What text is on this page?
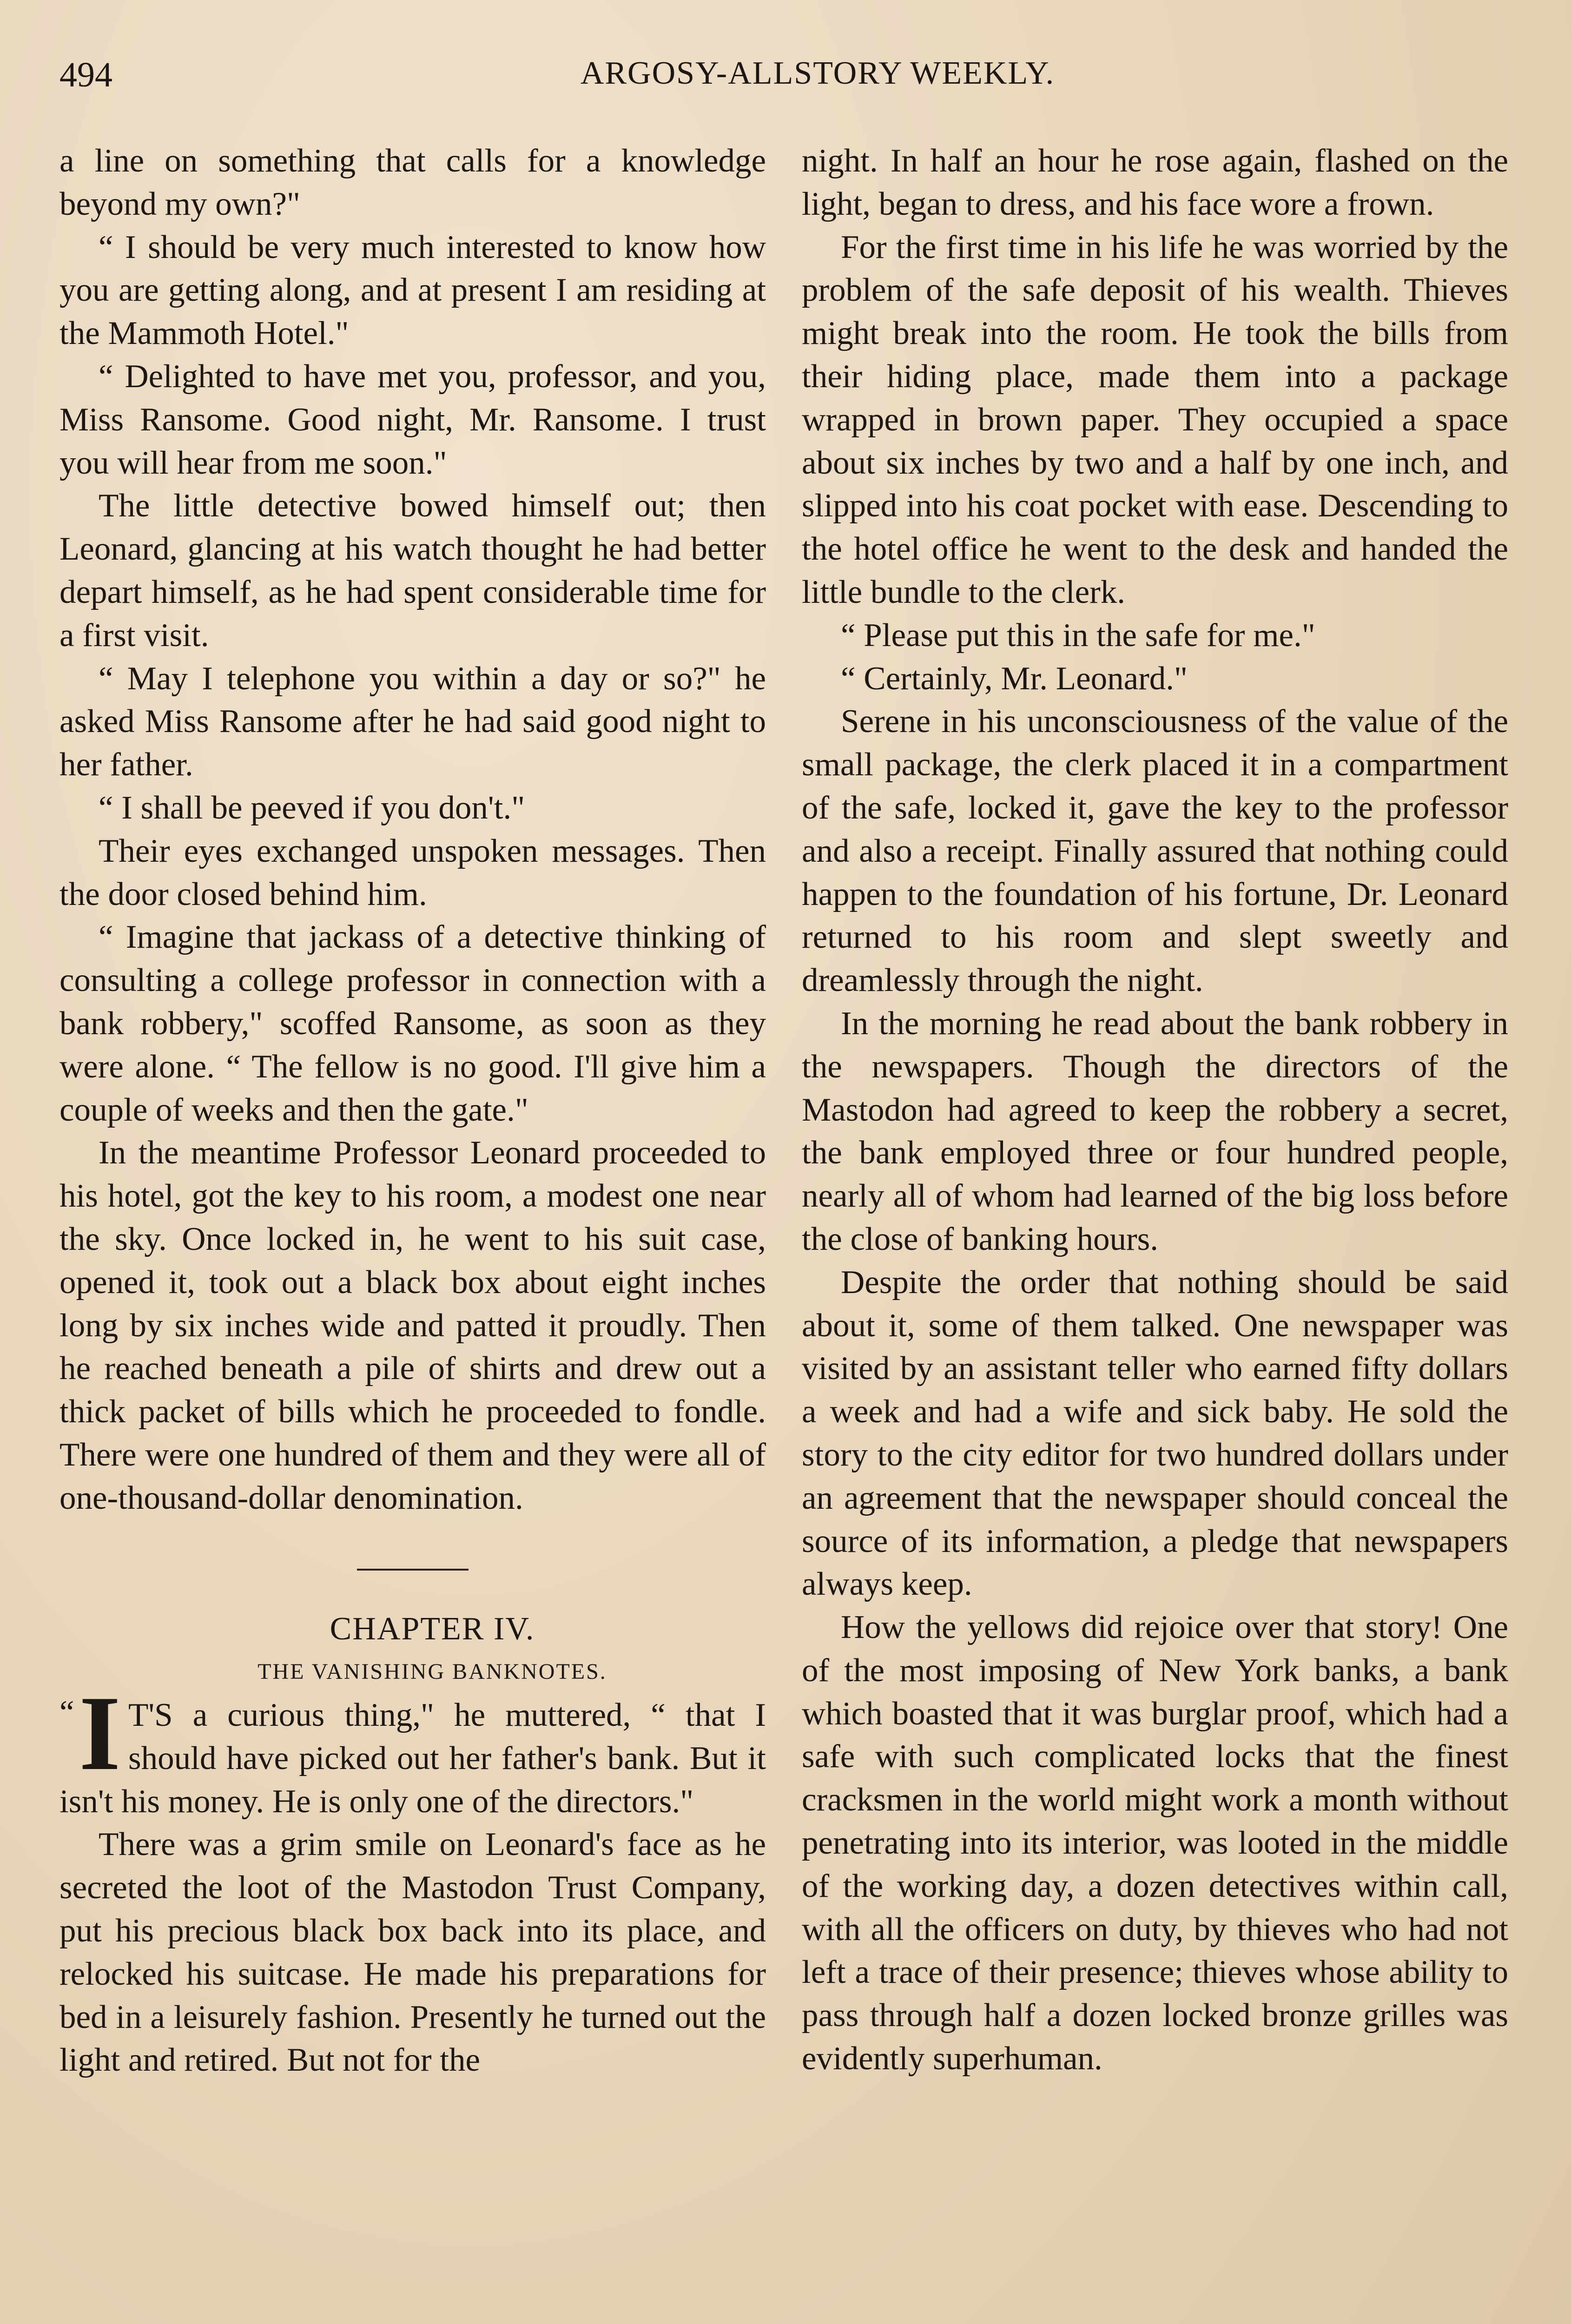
494	ARGOSY-ALLSTORY WEEKLY.

a line on something that calls for a knowledge beyond my own?"

“ I should be very much interested to know how you are getting along, and at present I am residing at the Mammoth Hotel."

“ Delighted to have met you, professor, and you, Miss Ransome. Good night, Mr. Ransome. I trust you will hear from me soon."

The little detective bowed himself out; then Leonard, glancing at his watch thought he had better depart himself, as he had spent considerable time for a first visit.

“ May I telephone you within a day or so?" he asked Miss Ransome after he had said good night to her father.

“ I shall be peeved if you don't."

Their eyes exchanged unspoken messages. Then the door closed behind him.

“ Imagine that jackass of a detective thinking of consulting a college professor in connection with a bank robbery," scoffed Ransome, as soon as they were alone. “ The fellow is no good. I'll give him a couple of weeks and then the gate."

In the meantime Professor Leonard proceeded to his hotel, got the key to his room, a modest one near the sky. Once locked in, he went to his suit case, opened it, took out a black box about eight inches long by six inches wide and patted it proudly. Then he reached beneath a pile of shirts and drew out a thick packet of bills which he proceeded to fondle. There were one hundred of them and they were all of one-thousand-dollar denomination.

CHAPTER IV.

THE VANISHING BANKNOTES.

“ I T'S a curious thing," he muttered, “ that I should have picked out her father's bank. But it isn't his money. He is only one of the directors."

There was a grim smile on Leonard's face as he secreted the loot of the Mastodon Trust Company, put his precious black box back into its place, and relocked his suitcase. He made his preparations for bed in a leisurely fashion. Presently he turned out the light and retired. But not for the

night. In half an hour he rose again, flashed on the light, began to dress, and his face wore a frown.

For the first time in his life he was worried by the problem of the safe deposit of his wealth. Thieves might break into the room. He took the bills from their hiding place, made them into a package wrapped in brown paper. They occupied a space about six inches by two and a half by one inch, and slipped into his coat pocket with ease. Descending to the hotel office he went to the desk and handed the little bundle to the clerk.

“ Please put this in the safe for me."

“ Certainly, Mr. Leonard."

Serene in his unconsciousness of the value of the small package, the clerk placed it in a compartment of the safe, locked it, gave the key to the professor and also a receipt. Finally assured that nothing could happen to the foundation of his fortune, Dr. Leonard returned to his room and slept sweetly and dreamlessly through the night.

In the morning he read about the bank robbery in the newspapers. Though the directors of the Mastodon had agreed to keep the robbery a secret, the bank employed three or four hundred people, nearly all of whom had learned of the big loss before the close of banking hours.

Despite the order that nothing should be said about it, some of them talked. One newspaper was visited by an assistant teller who earned fifty dollars a week and had a wife and sick baby. He sold the story to the city editor for two hundred dollars under an agreement that the newspaper should conceal the source of its information, a pledge that newspapers always keep.

How the yellows did rejoice over that story! One of the most imposing of New York banks, a bank which boasted that it was burglar proof, which had a safe with such complicated locks that the finest cracksmen in the world might work a month without penetrating into its interior, was looted in the middle of the working day, a dozen detectives within call, with all the officers on duty, by thieves who had not left a trace of their presence; thieves whose ability to pass through half a dozen locked bronze grilles was evidently superhuman.
